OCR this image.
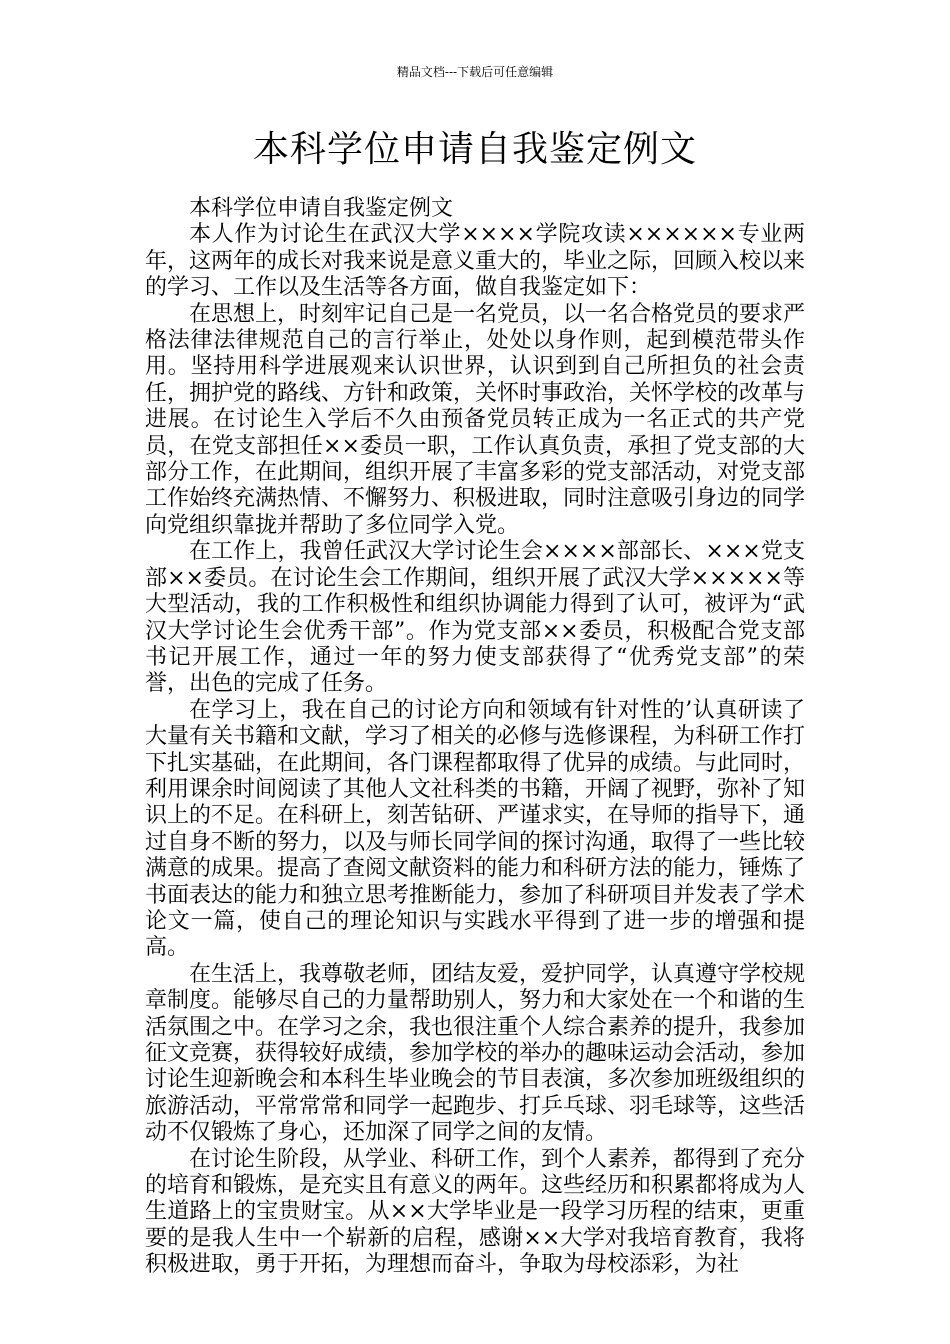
精品文档---下载后可任意编辑
本科学位申请自我鉴定例文

本科学位申请自我鉴定例文

本人作为讨论生在武汉大学××××学院攻读××××××专业两年，这两年的成长对我来说是意义重大的，毕业之际，回顾入校以来的学习、工作以及生活等各方面，做自我鉴定如下：

在思想上，时刻牢记自己是一名党员，以一名合格党员的要求严格法律法律规范自己的言行举止，处处以身作则，起到模范带头作用。坚持用科学进展观来认识世界，认识到到自己所担负的社会责任，拥护党的路线、方针和政策，关怀时事政治，关怀学校的改革与进展。在讨论生入学后不久由预备党员转正成为一名正式的共产党员，在党支部担任××委员一职，工作认真负责，承担了党支部的大部分工作，在此期间，组织开展了丰富多彩的党支部活动，对党支部工作始终充满热情、不懈努力、积极进取，同时注意吸引身边的同学向党组织靠拢并帮助了多位同学入党。

在工作上，我曾任武汉大学讨论生会××××部部长、×××党支部××委员。在讨论生会工作期间，组织开展了武汉大学×××××等大型活动，我的工作积极性和组织协调能力得到了认可，被评为“武汉大学讨论生会优秀干部”。作为党支部××委员，积极配合党支部书记开展工作，通过一年的努力使支部获得了“优秀党支部”的荣誉，出色的完成了任务。

在学习上，我在自己的讨论方向和领域有针对性的’认真研读了大量有关书籍和文献，学习了相关的必修与选修课程，为科研工作打下扎实基础，在此期间，各门课程都取得了优异的成绩。与此同时，利用课余时间阅读了其他人文社科类的书籍，开阔了视野，弥补了知识上的不足。在科研上，刻苦钻研、严谨求实，在导师的指导下，通过自身不断的努力，以及与师长同学间的探讨沟通，取得了一些比较满意的成果。提高了查阅文献资料的能力和科研方法的能力，锤炼了书面表达的能力和独立思考推断能力，参加了科研项目并发表了学术论文一篇，使自己的理论知识与实践水平得到了进一步的增强和提高。

在生活上，我尊敬老师，团结友爱，爱护同学，认真遵守学校规章制度。能够尽自己的力量帮助别人，努力和大家处在一个和谐的生活氛围之中。在学习之余，我也很注重个人综合素养的提升，我参加征文竞赛，获得较好成绩，参加学校的举办的趣味运动会活动，参加讨论生迎新晚会和本科生毕业晚会的节目表演，多次参加班级组织的旅游活动，平常常常和同学一起跑步、打乒乓球、羽毛球等，这些活动不仅锻炼了身心，还加深了同学之间的友情。

在讨论生阶段，从学业、科研工作，到个人素养，都得到了充分的培育和锻炼，是充实且有意义的两年。这些经历和积累都将成为人生道路上的宝贵财宝。从××大学毕业是一段学习历程的结束，更重要的是我人生中一个崭新的启程，感谢××大学对我培育教育，我将积极进取，勇于开拓，为理想而奋斗，争取为母校添彩，为社
